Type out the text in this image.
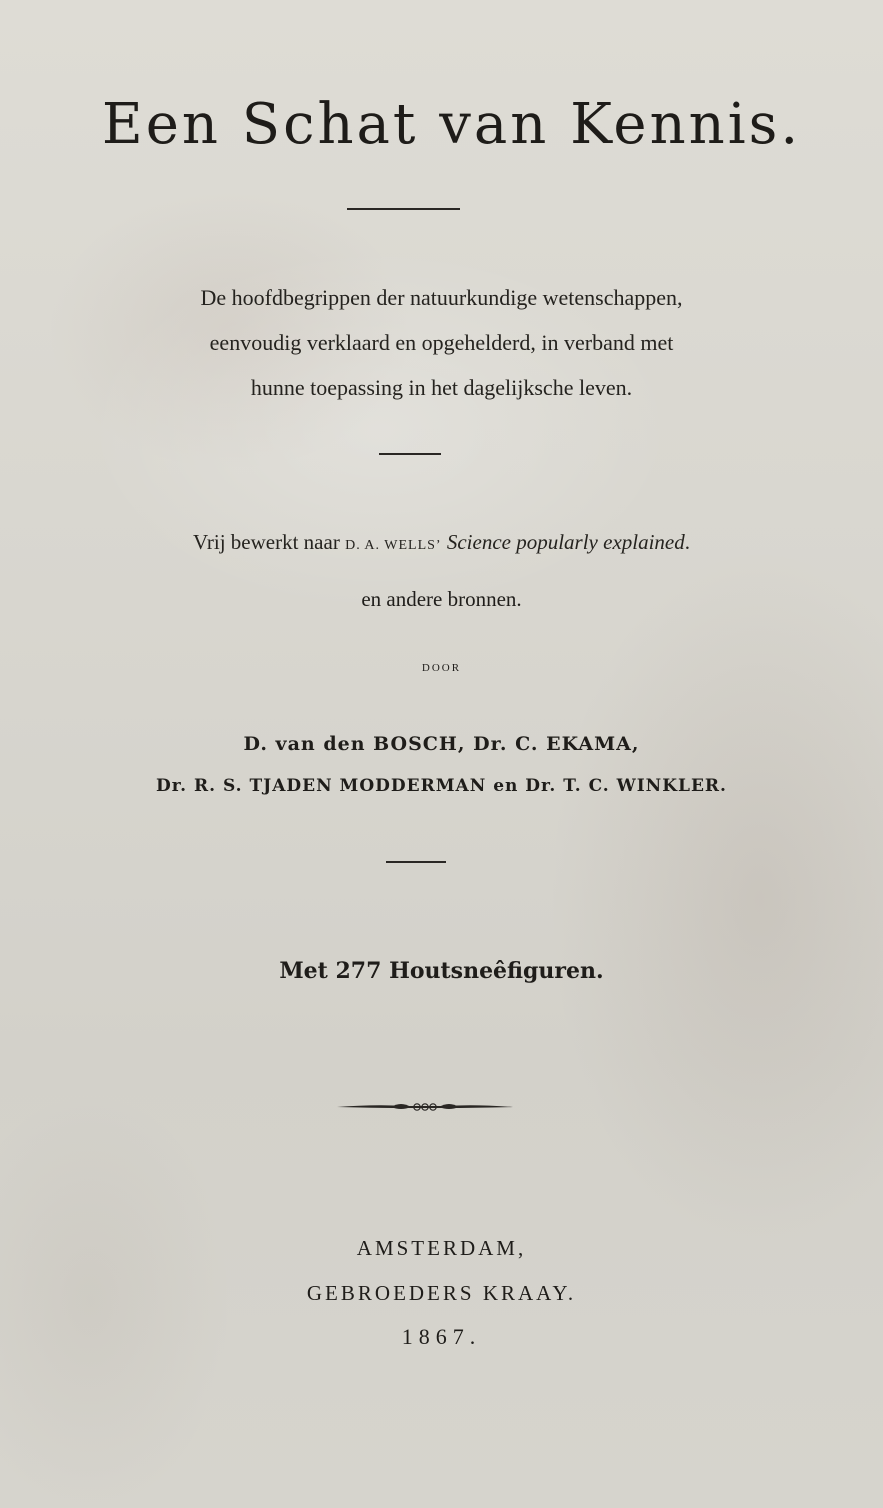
Een Schat van Kennis.
De hoofdbegrippen der natuurkundige wetenschappen,
eenvoudig verklaard en opgehelderd, in verband met
hunne toepassing in het dagelijksche leven.
Vrij bewerkt naar D. A. WELLS’ Science popularly explained.
en andere bronnen.
DOOR
D. van den BOSCH, Dr. C. EKAMA,
Dr. R. S. TJADEN MODDERMAN en Dr. T. C. WINKLER.
Met 277 Houtsneêfiguren.
AMSTERDAM,
GEBROEDERS KRAAY.
1867.
